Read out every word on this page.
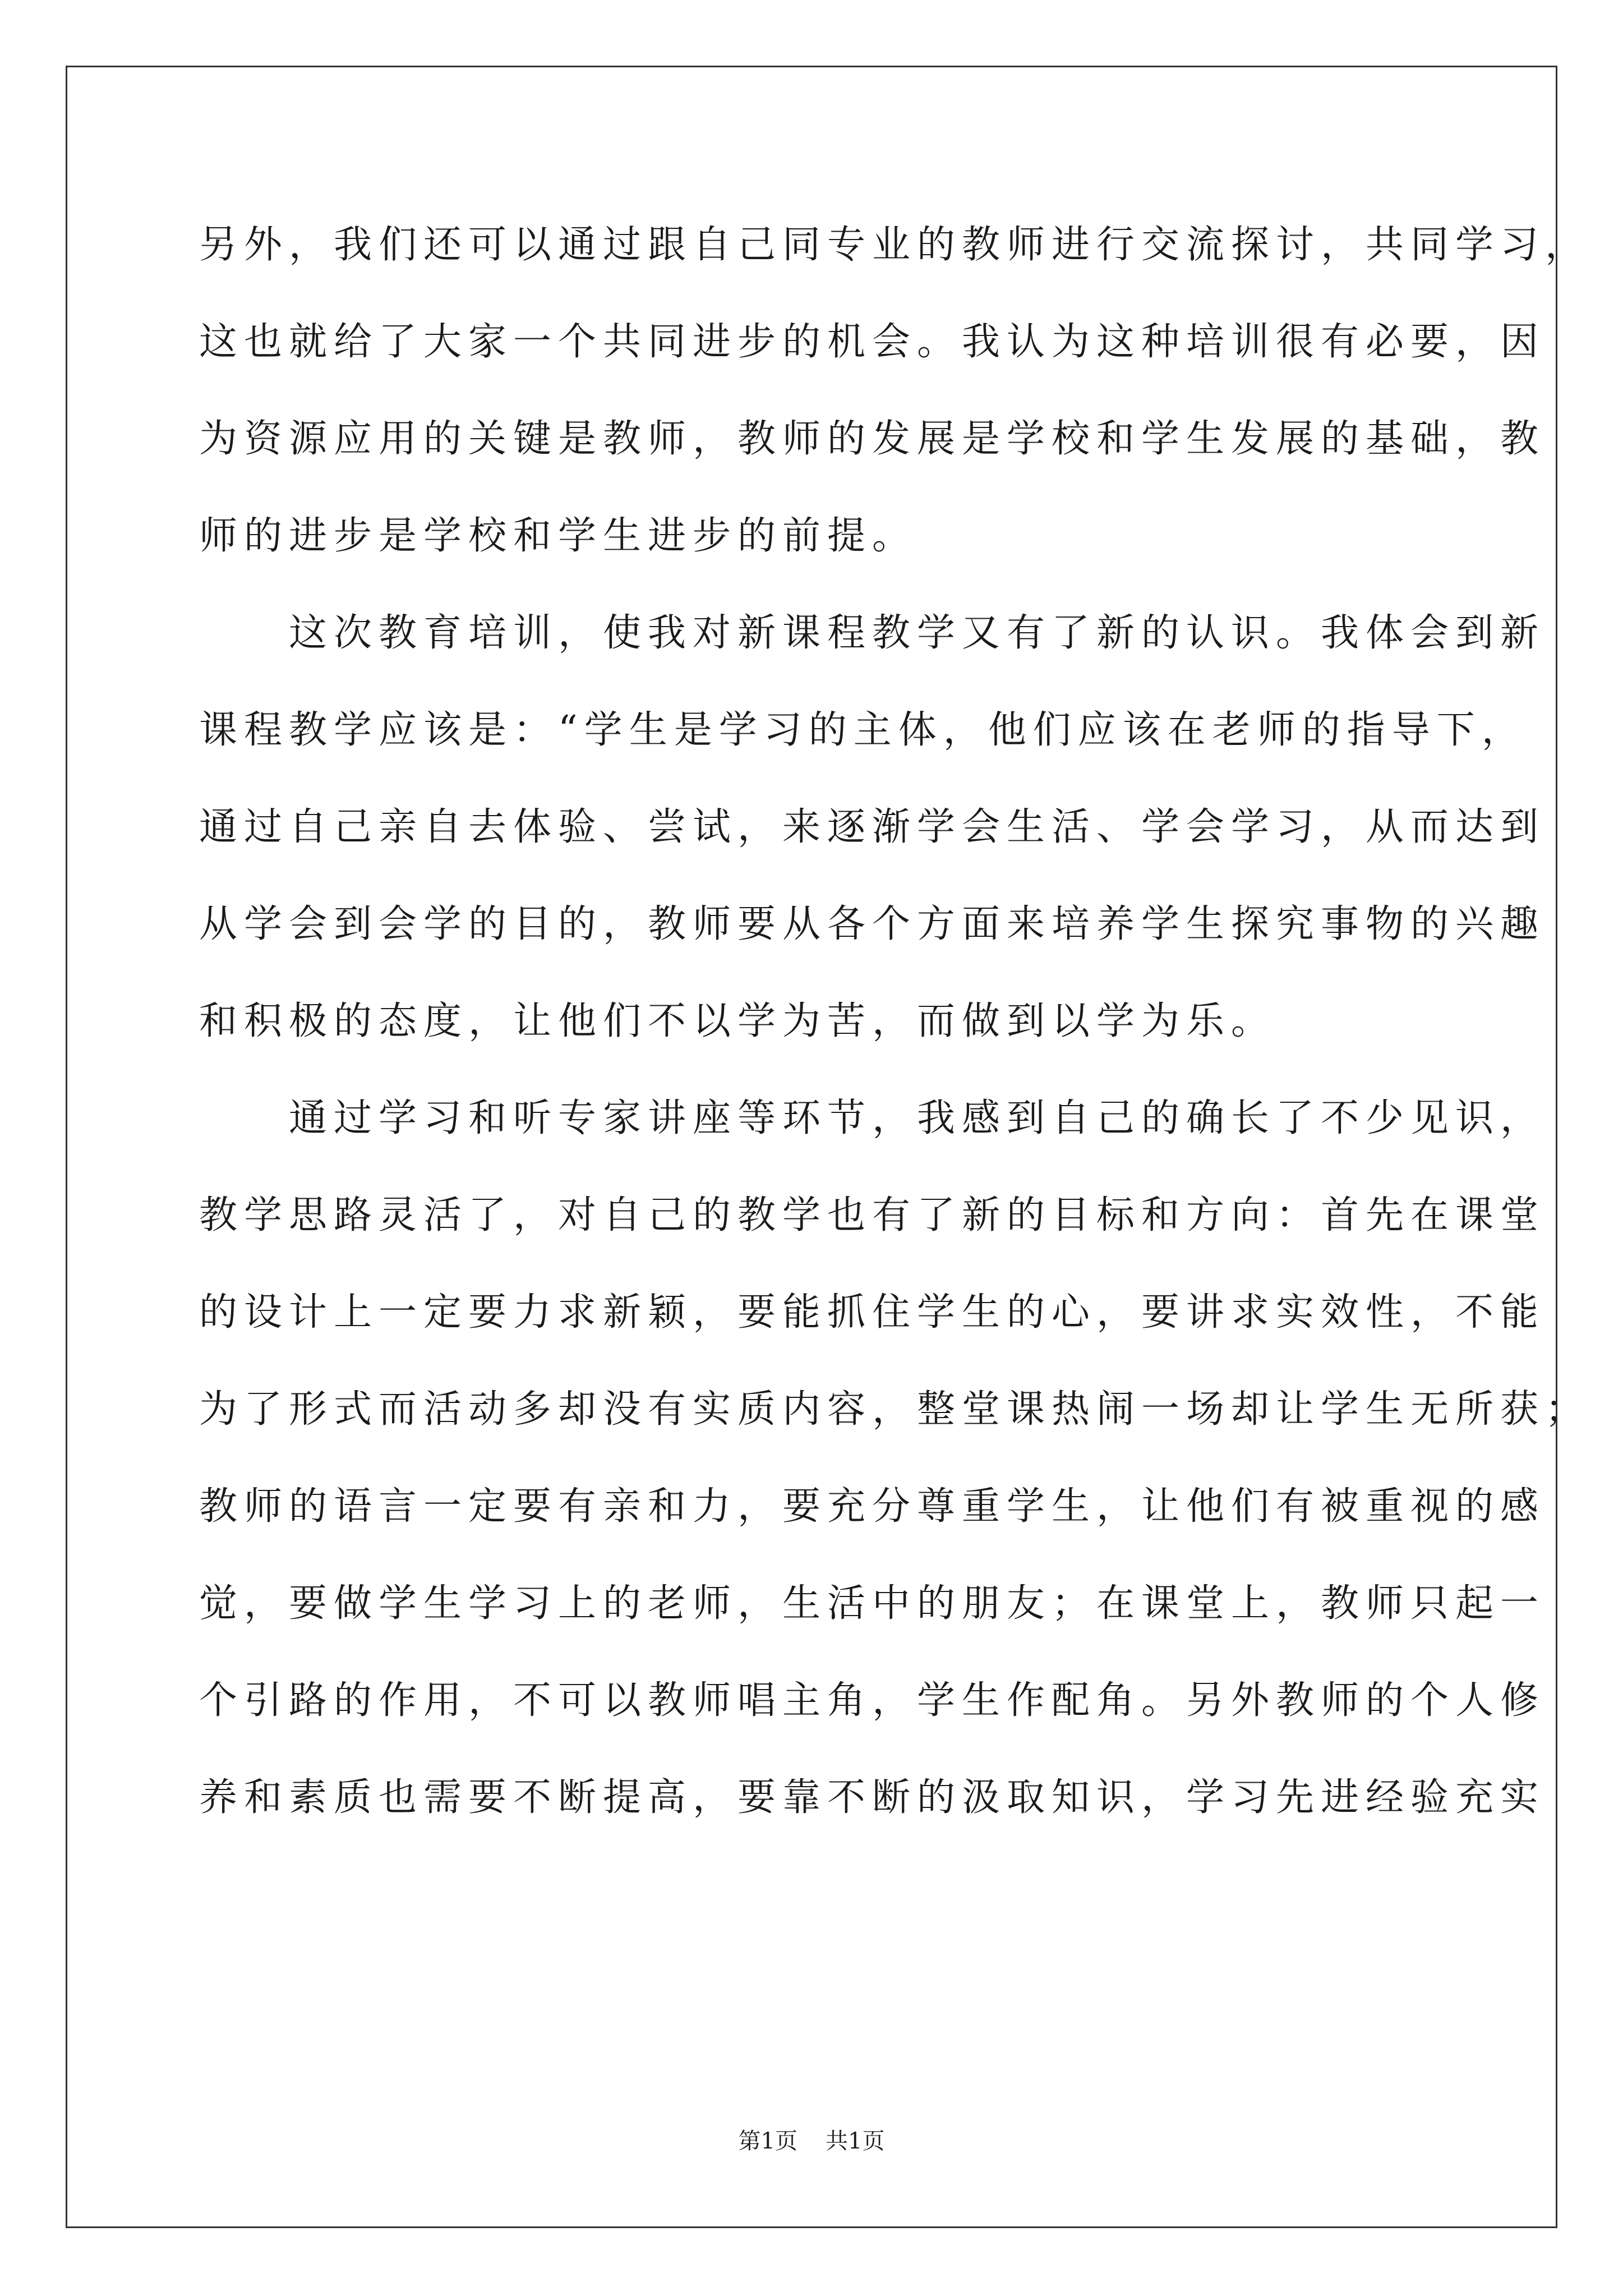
另外，我们还可以通过跟自己同专业的教师进行交流探讨，共同学习，
这也就给了大家一个共同进步的机会。我认为这种培训很有必要，因
为资源应用的关键是教师，教师的发展是学校和学生发展的基础，教
师的进步是学校和学生进步的前提。

这次教育培训，使我对新课程教学又有了新的认识。我体会到新
课程教学应该是：“学生是学习的主体，他们应该在老师的指导下，
通过自己亲自去体验、尝试，来逐渐学会生活、学会学习，从而达到
从学会到会学的目的，教师要从各个方面来培养学生探究事物的兴趣
和积极的态度，让他们不以学为苦，而做到以学为乐。

通过学习和听专家讲座等环节，我感到自己的确长了不少见识，
教学思路灵活了，对自己的教学也有了新的目标和方向：首先在课堂
的设计上一定要力求新颖，要能抓住学生的心，要讲求实效性，不能
为了形式而活动多却没有实质内容，整堂课热闹一场却让学生无所获；
教师的语言一定要有亲和力，要充分尊重学生，让他们有被重视的感
觉，要做学生学习上的老师，生活中的朋友；在课堂上，教师只起一
个引路的作用，不可以教师唱主角，学生作配角。另外教师的个人修
养和素质也需要不断提高，要靠不断的汲取知识，学习先进经验充实

第1页 共1页
